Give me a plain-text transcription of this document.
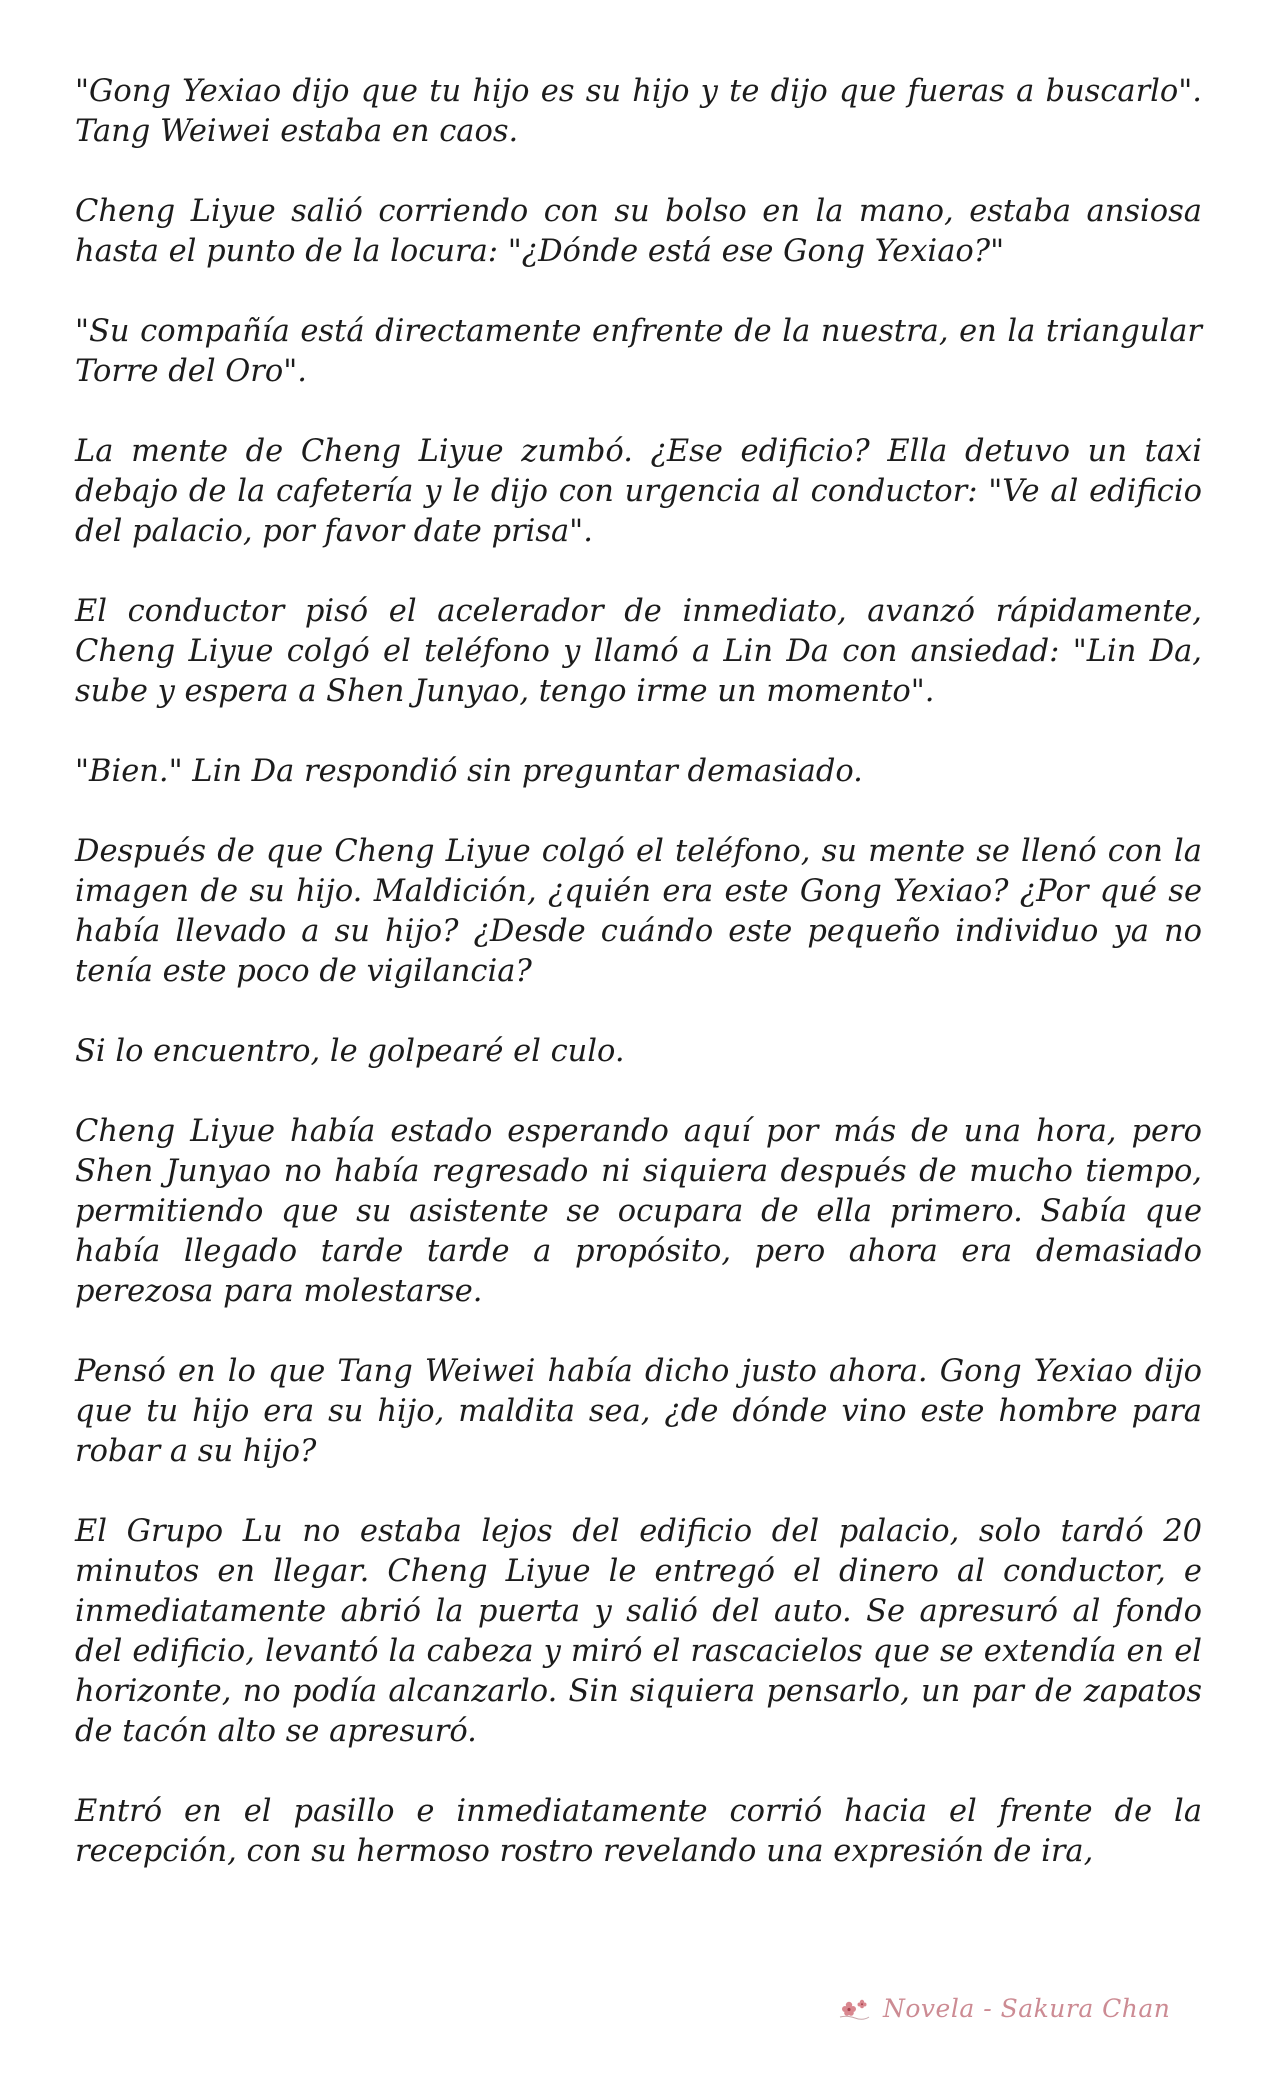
"Gong Yexiao dijo que tu hijo es su hijo y te dijo que fueras a buscarlo". Tang Weiwei estaba en caos.

Cheng Liyue salió corriendo con su bolso en la mano, estaba ansiosa hasta el punto de la locura: "¿Dónde está ese Gong Yexiao?"

"Su compañía está directamente enfrente de la nuestra, en la triangular Torre del Oro".

La mente de Cheng Liyue zumbó. ¿Ese edificio? Ella detuvo un taxi debajo de la cafetería y le dijo con urgencia al conductor: "Ve al edificio del palacio, por favor date prisa".

El conductor pisó el acelerador de inmediato, avanzó rápidamente, Cheng Liyue colgó el teléfono y llamó a Lin Da con ansiedad: "Lin Da, sube y espera a Shen Junyao, tengo irme un momento".

"Bien." Lin Da respondió sin preguntar demasiado.

Después de que Cheng Liyue colgó el teléfono, su mente se llenó con la imagen de su hijo. Maldición, ¿quién era este Gong Yexiao? ¿Por qué se había llevado a su hijo? ¿Desde cuándo este pequeño individuo ya no tenía este poco de vigilancia?

Si lo encuentro, le golpearé el culo.

Cheng Liyue había estado esperando aquí por más de una hora, pero Shen Junyao no había regresado ni siquiera después de mucho tiempo, permitiendo que su asistente se ocupara de ella primero. Sabía que había llegado tarde tarde a propósito, pero ahora era demasiado perezosa para molestarse.

Pensó en lo que Tang Weiwei había dicho justo ahora. Gong Yexiao dijo que tu hijo era su hijo, maldita sea, ¿de dónde vino este hombre para robar a su hijo?

El Grupo Lu no estaba lejos del edificio del palacio, solo tardó 20 minutos en llegar. Cheng Liyue le entregó el dinero al conductor, e inmediatamente abrió la puerta y salió del auto. Se apresuró al fondo del edificio, levantó la cabeza y miró el rascacielos que se extendía en el horizonte, no podía alcanzarlo. Sin siquiera pensarlo, un par de zapatos de tacón alto se apresuró.

Entró en el pasillo e inmediatamente corrió hacia el frente de la recepción, con su hermoso rostro revelando una expresión de ira,

Novela - Sakura Chan
